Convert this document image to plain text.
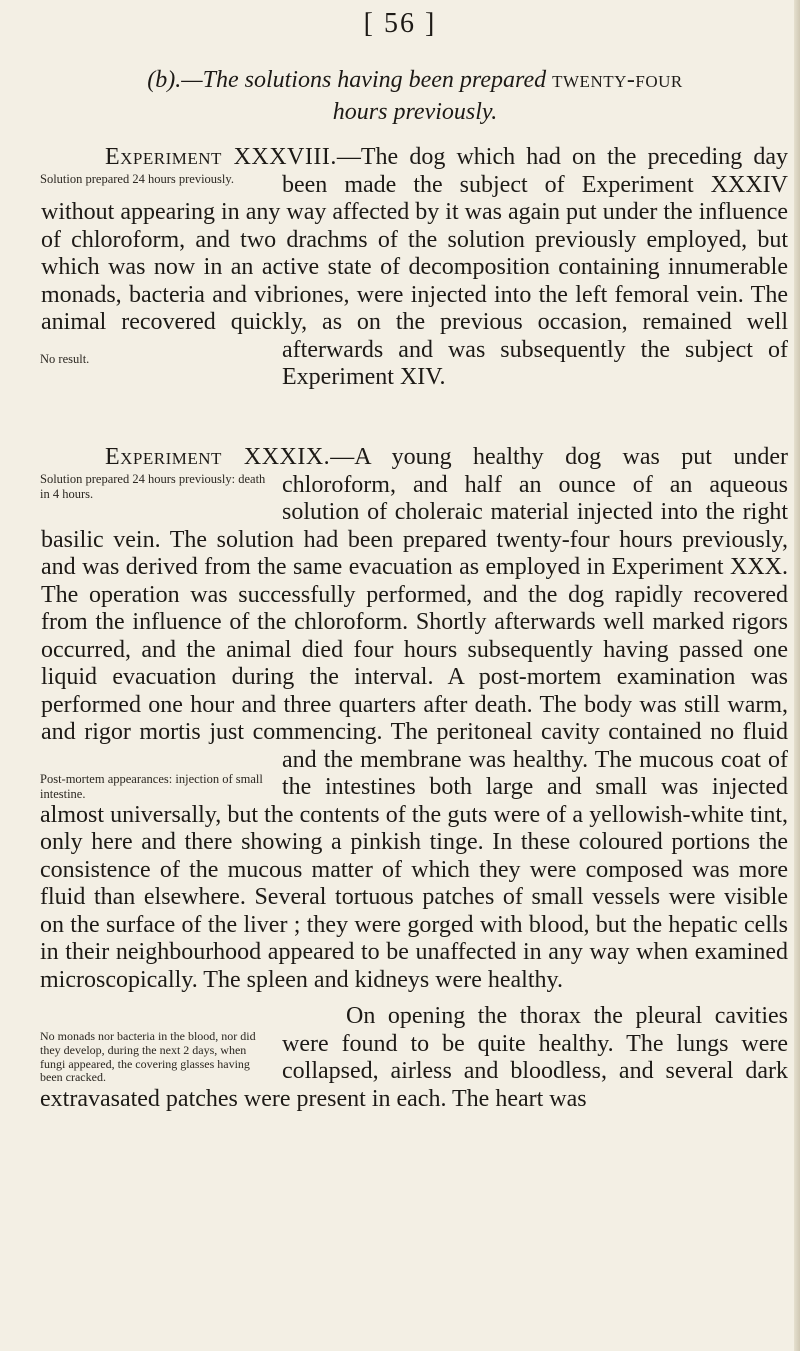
[ 56 ]
(b).—The solutions having been prepared twenty-four
hours previously.
Experiment XXXVIII.
Solution prepared 24 hours previously.
No result.
—The dog which had on the preceding day been made the subject of Experiment XXXIV without appearing in any way affected by it was again put under the influence of chloroform, and two drachms of the solution previously employed, but which was now in an active state of decomposition containing innumerable monads, bacteria and vibriones, were injected into the left femoral vein. The animal recovered quickly, as on the previous occasion, remained well afterwards and was subsequently the subject of Experiment XIV.
Experiment XXXIX.
Solution prepared 24 hours previously: death in 4 hours.
Post-mortem appearances: injection of small intestine.
—A young healthy dog was put under chloroform, and half an ounce of an aqueous solution of choleraic material injected into the right basilic vein. The solution had been prepared twenty-four hours previously, and was derived from the same evacuation as employed in Experiment XXX. The operation was successfully performed, and the dog rapidly recovered from the influence of the chloroform. Shortly afterwards well marked rigors occurred, and the animal died four hours subsequently having passed one liquid evacuation during the interval. A post-mortem examination was performed one hour and three quarters after death. The body was still warm, and rigor mortis just commencing. The peritoneal cavity contained no fluid and the membrane was healthy. The mucous coat of the intestines both large and small was injected almost universally, but the contents of the guts were of a yellowish-white tint, only here and there showing a pinkish tinge. In these coloured portions the consistence of the mucous matter of which they were composed was more fluid than elsewhere. Several tortuous patches of small vessels were visible on the surface of the liver ; they were gorged with blood, but the hepatic cells in their neighbourhood appeared to be unaffected in any way when examined microscopically. The spleen and kidneys were healthy.
No monads nor bacteria in the blood, nor did they develop, during the next 2 days, when fungi appeared, the covering glasses having been cracked.
On opening the thorax the pleural cavities were found to be quite healthy. The lungs were collapsed, airless and bloodless, and several dark extravasated patches were present in each. The heart was
